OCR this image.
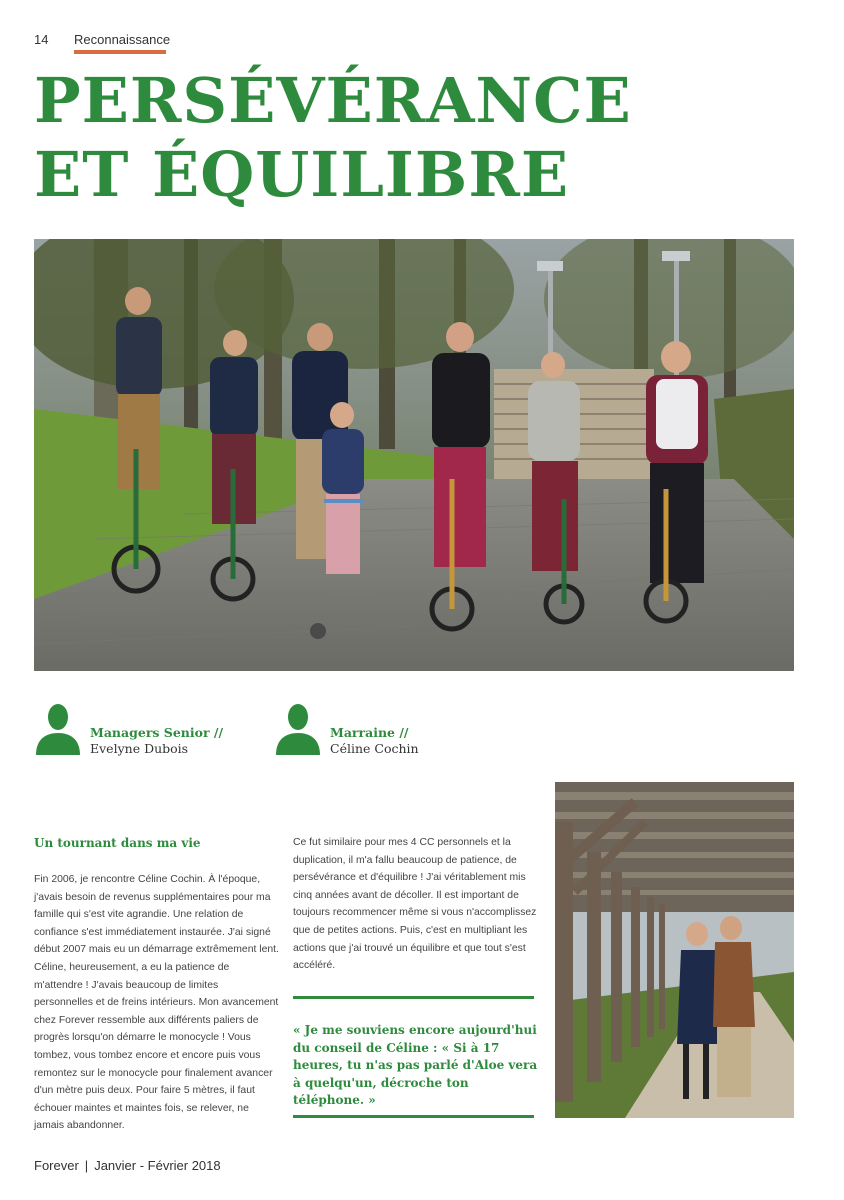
14 Reconnaissance
PERSÉVÉRANCE
ET ÉQUILIBRE
Managers Senior //
Evelyne Dubois
Marraine //
Céline Cochin
Un tournant dans ma vie

Fin 2006, je rencontre Céline Cochin. À l'époque, j'avais besoin de revenus supplémentaires pour ma famille qui s'est vite agrandie. Une relation de confiance s'est immédiatement instaurée. J'ai signé début 2007 mais eu un démarrage extrêmement lent. Céline, heureusement, a eu la patience de m'attendre ! J'avais beaucoup de limites personnelles et de freins intérieurs. Mon avancement chez Forever ressemble aux différents paliers de progrès lorsqu'on démarre le monocycle ! Vous tombez, vous tombez encore et encore puis vous remontez sur le monocycle pour finalement avancer d'un mètre puis deux. Pour faire 5 mètres, il faut échouer maintes et maintes fois, se relever, ne jamais abandonner.

Ce fut similaire pour mes 4 CC personnels et la duplication, il m'a fallu beaucoup de patience, de persévérance et d'équilibre ! J'ai véritablement mis cinq années avant de décoller. Il est important de toujours recommencer même si vous n'accomplissez que de petites actions. Puis, c'est en multipliant les actions que j'ai trouvé un équilibre et que tout s'est accéléré.

« Je me souviens encore aujourd'hui du conseil de Céline : « Si à 17 heures, tu n'as pas parlé d'Aloe vera à quelqu'un, décroche ton téléphone. »

Forever | Janvier - Février 2018
